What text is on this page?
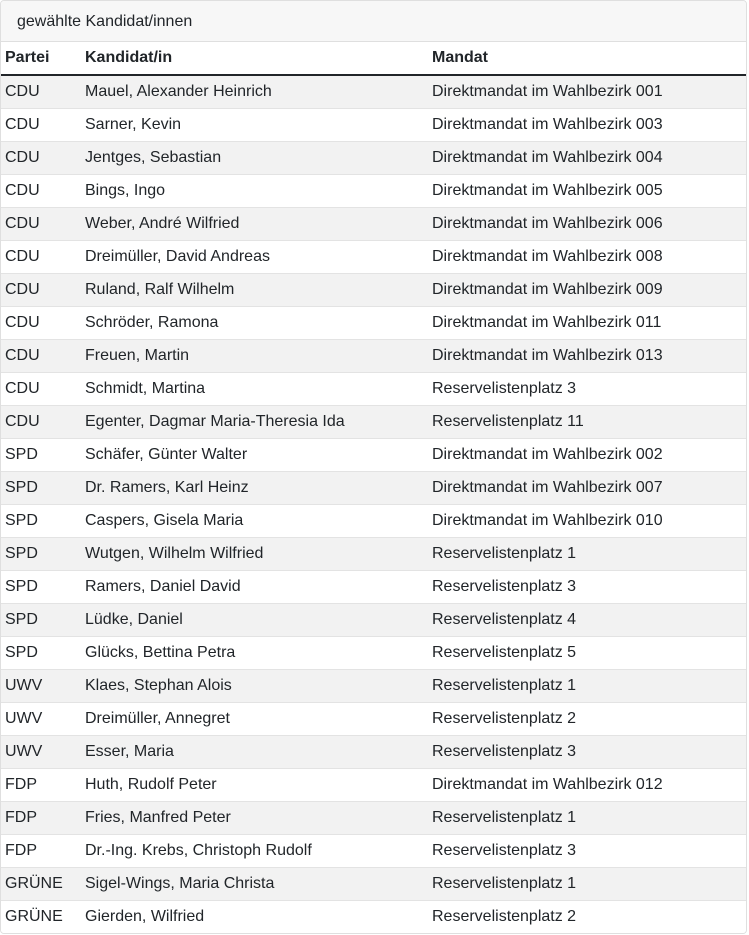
gewählte Kandidat/innen
Partei	Kandidat/in	Mandat
CDU	Mauel, Alexander Heinrich	Direktmandat im Wahlbezirk 001
CDU	Sarner, Kevin	Direktmandat im Wahlbezirk 003
CDU	Jentges, Sebastian	Direktmandat im Wahlbezirk 004
CDU	Bings, Ingo	Direktmandat im Wahlbezirk 005
CDU	Weber, André Wilfried	Direktmandat im Wahlbezirk 006
CDU	Dreimüller, David Andreas	Direktmandat im Wahlbezirk 008
CDU	Ruland, Ralf Wilhelm	Direktmandat im Wahlbezirk 009
CDU	Schröder, Ramona	Direktmandat im Wahlbezirk 011
CDU	Freuen, Martin	Direktmandat im Wahlbezirk 013
CDU	Schmidt, Martina	Reservelistenplatz 3
CDU	Egenter, Dagmar Maria-Theresia Ida	Reservelistenplatz 11
SPD	Schäfer, Günter Walter	Direktmandat im Wahlbezirk 002
SPD	Dr. Ramers, Karl Heinz	Direktmandat im Wahlbezirk 007
SPD	Caspers, Gisela Maria	Direktmandat im Wahlbezirk 010
SPD	Wutgen, Wilhelm Wilfried	Reservelistenplatz 1
SPD	Ramers, Daniel David	Reservelistenplatz 3
SPD	Lüdke, Daniel	Reservelistenplatz 4
SPD	Glücks, Bettina Petra	Reservelistenplatz 5
UWV	Klaes, Stephan Alois	Reservelistenplatz 1
UWV	Dreimüller, Annegret	Reservelistenplatz 2
UWV	Esser, Maria	Reservelistenplatz 3
FDP	Huth, Rudolf Peter	Direktmandat im Wahlbezirk 012
FDP	Fries, Manfred Peter	Reservelistenplatz 1
FDP	Dr.-Ing. Krebs, Christoph Rudolf	Reservelistenplatz 3
GRÜNE	Sigel-Wings, Maria Christa	Reservelistenplatz 1
GRÜNE	Gierden, Wilfried	Reservelistenplatz 2
